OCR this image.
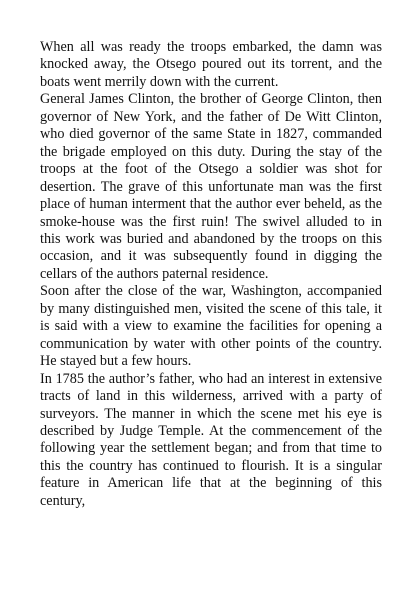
When all was ready the troops embarked, the damn was knocked away, the Otsego poured out its torrent, and the boats went merrily down with the current.

General James Clinton, the brother of George Clinton, then governor of New York, and the father of De Witt Clinton, who died governor of the same State in 1827, commanded the brigade employed on this duty. During the stay of the troops at the foot of the Otsego a soldier was shot for desertion. The grave of this unfortunate man was the first place of human interment that the author ever beheld, as the smoke-house was the first ruin! The swivel alluded to in this work was buried and abandoned by the troops on this occasion, and it was subsequently found in digging the cellars of the authors paternal residence.

Soon after the close of the war, Washington, accompanied by many distinguished men, visited the scene of this tale, it is said with a view to examine the facilities for opening a communication by water with other points of the country. He stayed but a few hours.

In 1785 the author’s father, who had an interest in extensive tracts of land in this wilderness, arrived with a party of surveyors. The manner in which the scene met his eye is described by Judge Temple. At the commencement of the following year the settlement began; and from that time to this the country has continued to flourish. It is a singular feature in American life that at the beginning of this century,
